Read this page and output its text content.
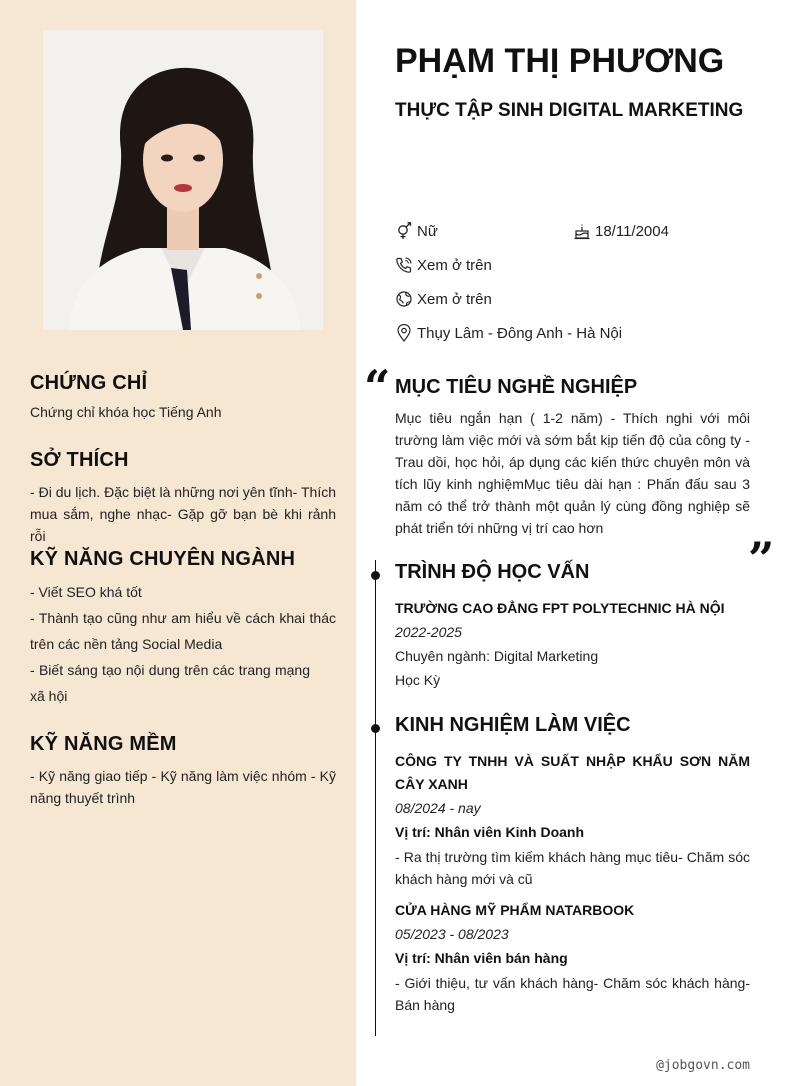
CHỨNG CHỈ
Chứng chỉ khóa học Tiếng Anh
SỞ THÍCH
- Đi du lịch. Đặc biệt là những nơi yên tĩnh- Thích mua sắm, nghe nhạc- Gặp gỡ bạn bè khi rảnh rỗi
KỸ NĂNG CHUYÊN NGÀNH
- Viết SEO khá tốt
- Thành tạo cũng như am hiểu về cách khai thác trên các nền tảng Social Media
- Biết sáng tạo nội dung trên các trang mạng xã hội
KỸ NĂNG MỀM
- Kỹ năng giao tiếp - Kỹ năng làm việc nhóm - Kỹ năng thuyết trình
PHẠM THỊ PHƯƠNG
THỰC TẬP SINH DIGITAL MARKETING
Nữ	18/11/2004
Xem ở trên
Xem ở trên
Thụy Lâm - Đông Anh - Hà Nội
“
”
MỤC TIÊU NGHỀ NGHIỆP
Mục tiêu ngắn hạn ( 1-2 năm) - Thích nghi với môi trường làm việc mới và sớm bắt kịp tiến độ của công ty - Trau dồi, học hỏi, áp dụng các kiến thức chuyên môn và tích lũy kinh nghiệmMục tiêu dài hạn : Phấn đấu sau 3 năm có thể trở thành một quản lý cùng đồng nghiệp sẽ phát triển tới những vị trí cao hơn
TRÌNH ĐỘ HỌC VẤN
TRƯỜNG CAO ĐẲNG FPT POLYTECHNIC HÀ NỘI
2022-2025
Chuyên ngành: Digital Marketing
Học Kỳ
KINH NGHIỆM LÀM VIỆC
CÔNG TY TNHH VÀ SUẤT NHẬP KHẨU SƠN NĂM CÂY XANH
08/2024 - nay
Vị trí: Nhân viên Kinh Doanh
- Ra thị trường tìm kiếm khách hàng mục tiêu- Chăm sóc khách hàng mới và cũ
CỬA HÀNG MỸ PHẨM NATARBOOK
05/2023 - 08/2023
Vị trí: Nhân viên bán hàng
- Giới thiệu, tư vấn khách hàng- Chăm sóc khách hàng- Bán hàng
@jobgovn.com
